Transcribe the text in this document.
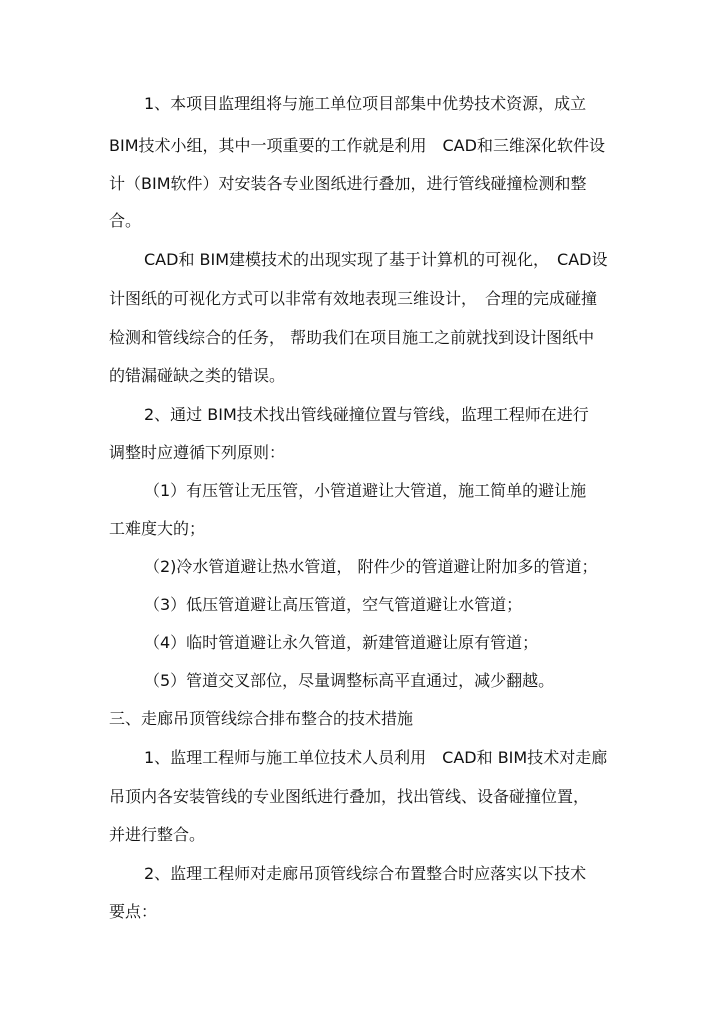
1、本项目监理组将与施工单位项目部集中优势技术资源，成立
BIM技术小组，其中一项重要的工作就是利用　CAD和三维深化软件设
计（BIM软件）对安装各专业图纸进行叠加，进行管线碰撞检测和整
合。
CAD和 BIM建模技术的出现实现了基于计算机的可视化，　CAD设
计图纸的可视化方式可以非常有效地表现三维设计，　合理的完成碰撞
检测和管线综合的任务， 帮助我们在项目施工之前就找到设计图纸中
的错漏碰缺之类的错误。
2、通过 BIM技术找出管线碰撞位置与管线，监理工程师在进行
调整时应遵循下列原则：
（1）有压管让无压管，小管道避让大管道，施工简单的避让施
工难度大的；
（2)冷水管道避让热水管道， 附件少的管道避让附加多的管道；
（3）低压管道避让高压管道，空气管道避让水管道；
（4）临时管道避让永久管道，新建管道避让原有管道；
（5）管道交叉部位，尽量调整标高平直通过，减少翻越。
三、走廊吊顶管线综合排布整合的技术措施
1、监理工程师与施工单位技术人员利用　CAD和 BIM技术对走廊
吊顶内各安装管线的专业图纸进行叠加，找出管线、设备碰撞位置，
并进行整合。
2、监理工程师对走廊吊顶管线综合布置整合时应落实以下技术
要点：
